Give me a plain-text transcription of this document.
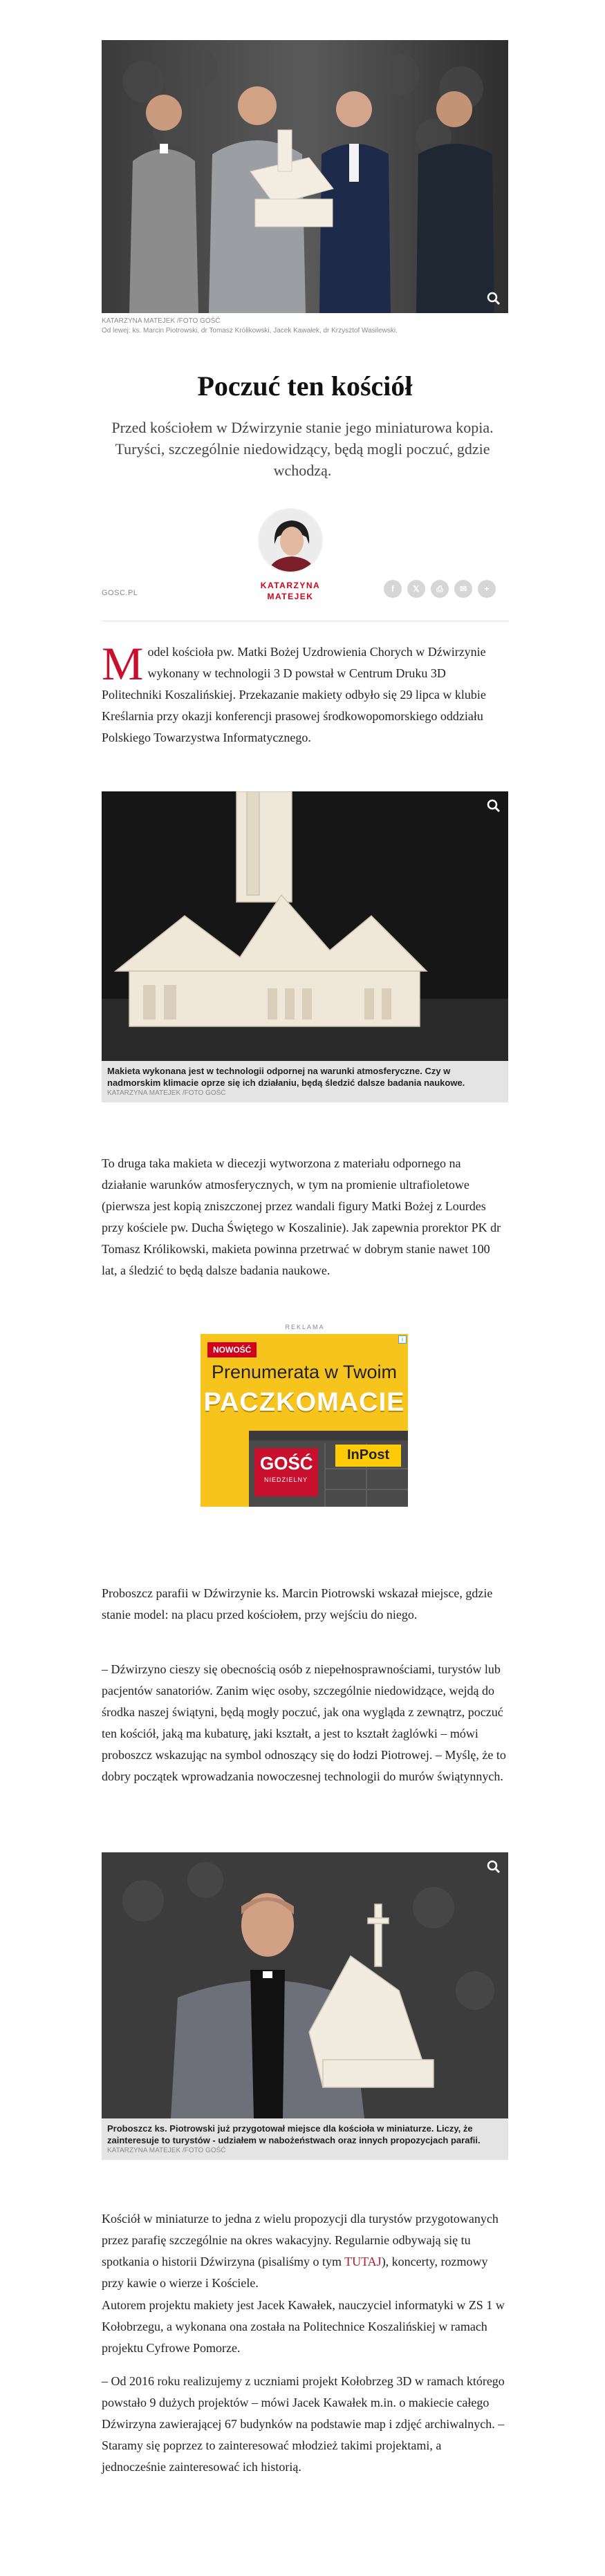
KATARZYNA MATEJEK /FOTO GOŚĆ
Od lewej: ks. Marcin Piotrowski, dr Tomasz Królikowski, Jacek Kawałek, dr Krzysztof Wasilewski.
Poczuć ten kościół

Przed kościołem w Dźwirzynie stanie jego miniaturowa kopia. Turyści, szczególnie niedowidzący, będą mogli poczuć, gdzie wchodzą.

KATARZYNA MATEJEK
GOSC.PL	f	𝕏	⎙	✉	+
Model kościoła pw. Matki Bożej Uzdrowienia Chorych w Dźwirzynie wykonany w technologii 3 D powstał w Centrum Druku 3D Politechniki Koszalińskiej. Przekazanie makiety odbyło się 29 lipca w klubie Kreślarnia przy okazji konferencji prasowej środkowopomorskiego oddziału Polskiego Towarzystwa Informatycznego.
Makieta wykonana jest w technologii odpornej na warunki atmosferyczne. Czy w nadmorskim klimacie oprze się ich działaniu, będą śledzić dalsze badania naukowe.
KATARZYNA MATEJEK /FOTO GOŚĆ
To druga taka makieta w diecezji wytworzona z materiału odpornego na działanie warunków atmosferycznych, w tym na promienie ultrafioletowe (pierwsza jest kopią zniszczonej przez wandali figury Matki Bożej z Lourdes przy kościele pw. Ducha Świętego w Koszalinie). Jak zapewnia prorektor PK dr Tomasz Królikowski, makieta powinna przetrwać w dobrym stanie nawet 100 lat, a śledzić to będą dalsze badania naukowe.
REKLAMA
i
NOWOŚĆ
Prenumerata w Twoim
PACZKOMACIE
GOŚĆ
NIEDZIELNY
InPost
Proboszcz parafii w Dźwirzynie ks. Marcin Piotrowski wskazał miejsce, gdzie stanie model: na placu przed kościołem, przy wejściu do niego.
– Dźwirzyno cieszy się obecnością osób z niepełnosprawnościami, turystów lub pacjentów sanatoriów. Zanim więc osoby, szczególnie niedowidzące, wejdą do środka naszej świątyni, będą mogły poczuć, jak ona wygląda z zewnątrz, poczuć ten kościół, jaką ma kubaturę, jaki kształt, a jest to kształt żaglówki – mówi proboszcz wskazując na symbol odnoszący się do łodzi Piotrowej. – Myślę, że to dobry początek wprowadzania nowoczesnej technologii do murów świątynnych.
Proboszcz ks. Piotrowski już przygotował miejsce dla kościoła w miniaturze. Liczy, że zainteresuje to turystów - udziałem w nabożeństwach oraz innych propozycjach parafii.
KATARZYNA MATEJEK /FOTO GOŚĆ
Kościół w miniaturze to jedna z wielu propozycji dla turystów przygotowanych przez parafię szczególnie na okres wakacyjny. Regularnie odbywają się tu spotkania o historii Dźwirzyna (pisaliśmy o tym TUTAJ), koncerty, rozmowy przy kawie o wierze i Kościele.
Autorem projektu makiety jest Jacek Kawałek, nauczyciel informatyki w ZS 1 w Kołobrzegu, a wykonana ona została na Politechnice Koszalińskiej w ramach projektu Cyfrowe Pomorze.
– Od 2016 roku realizujemy z uczniami projekt Kołobrzeg 3D w ramach którego powstało 9 dużych projektów – mówi Jacek Kawałek m.in. o makiecie całego Dźwirzyna zawierającej 67 budynków na podstawie map i zdjęć archiwalnych. – Staramy się poprzez to zainteresować młodzież takimi projektami, a jednocześnie zainteresować ich historią.
